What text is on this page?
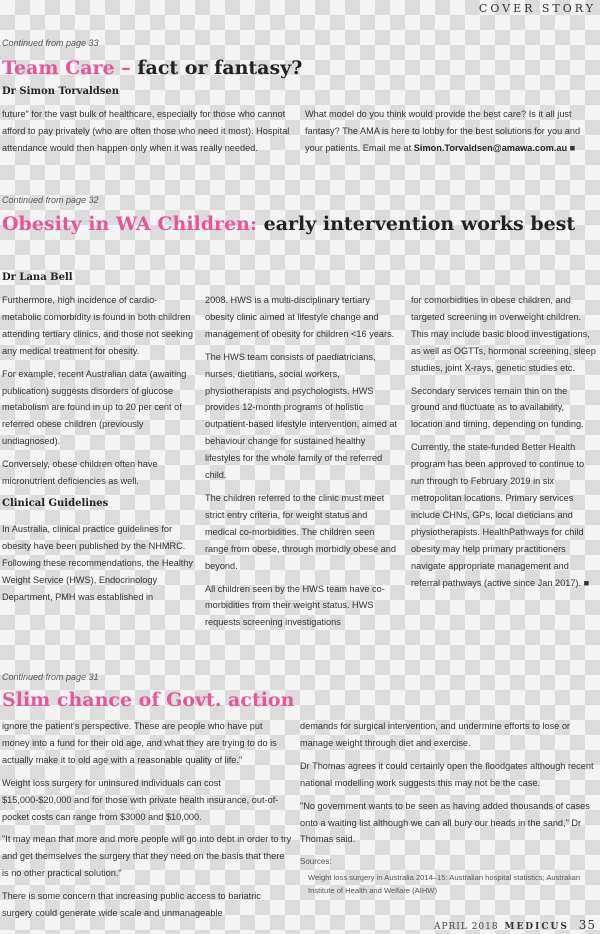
COVER STORY
Continued from page 33
Team Care – fact or fantasy?
Dr Simon Torvaldsen

future" for the vast bulk of healthcare, especially for those who cannot afford to pay privately (who are often those who need it most). Hospital attendance would then happen only when it was really needed.

What model do you think would provide the best care? Is it all just fantasy? The AMA is here to lobby for the best solutions for you and your patients. Email me at Simon.Torvaldsen@amawa.com.au ■

Continued from page 32
Obesity in WA Children: early intervention works best
Dr Lana Bell

Furthermore, high incidence of cardio-metabolic comorbidity is found in both children attending tertiary clinics, and those not seeking any medical treatment for obesity.

For example, recent Australian data (awaiting publication) suggests disorders of glucose metabolism are found in up to 20 per cent of referred obese children (previously undiagnosed).

Conversely, obese children often have micronutrient deficiencies as well.

Clinical Guidelines

In Australia, clinical practice guidelines for obesity have been published by the NHMRC. Following these recommendations, the Healthy Weight Service (HWS), Endocrinology Department, PMH was established in

2008. HWS is a multi-disciplinary tertiary obesity clinic aimed at lifestyle change and management of obesity for children <16 years.

The HWS team consists of paediatricians, nurses, dietitians, social workers, physiotherapists and psychologists. HWS provides 12-month programs of holistic outpatient-based lifestyle intervention, aimed at behaviour change for sustained healthy lifestyles for the whole family of the referred child.

The children referred to the clinic must meet strict entry criteria, for weight status and medical co-morbidities. The children seen range from obese, through morbidly obese and beyond.

All children seen by the HWS team have co-morbidities from their weight status. HWS requests screening investigations

for comorbidities in obese children, and targeted screening in overweight children. This may include basic blood investigations, as well as OGTTs, hormonal screening, sleep studies, joint X-rays, genetic studies etc.

Secondary services remain thin on the ground and fluctuate as to availability, location and timing, depending on funding.

Currently, the state-funded Better Health program has been approved to continue to run through to February 2019 in six metropolitan locations. Primary services include CHNs, GPs, local dieticians and physiotherapists. HealthPathways for child obesity may help primary practitioners navigate appropriate management and referral pathways (active since Jan 2017). ■

Continued from page 31
Slim chance of Govt. action

ignore the patient's perspective. These are people who have put money into a fund for their old age, and what they are trying to do is actually make it to old age with a reasonable quality of life."

Weight loss surgery for uninsured individuals can cost $15,000-$20,000 and for those with private health insurance, out-of-pocket costs can range from $3000 and $10,000.

"It may mean that more and more people will go into debt in order to try and get themselves the surgery that they need on the basis that there is no other practical solution."

There is some concern that increasing public access to bariatric surgery could generate wide scale and unmanageable

demands for surgical intervention, and undermine efforts to lose or manage weight through diet and exercise.

Dr Thomas agrees it could certainly open the floodgates although recent national modelling work suggests this may not be the case.

"No government wants to be seen as having added thousands of cases onto a waiting list although we can all bury our heads in the sand," Dr Thomas said.

Sources:
Weight loss surgery in Australia 2014–15: Australian hospital statistics; Australian Institute of Health and Welfare (AIHW)
APRIL 2018 MEDICUS 35
